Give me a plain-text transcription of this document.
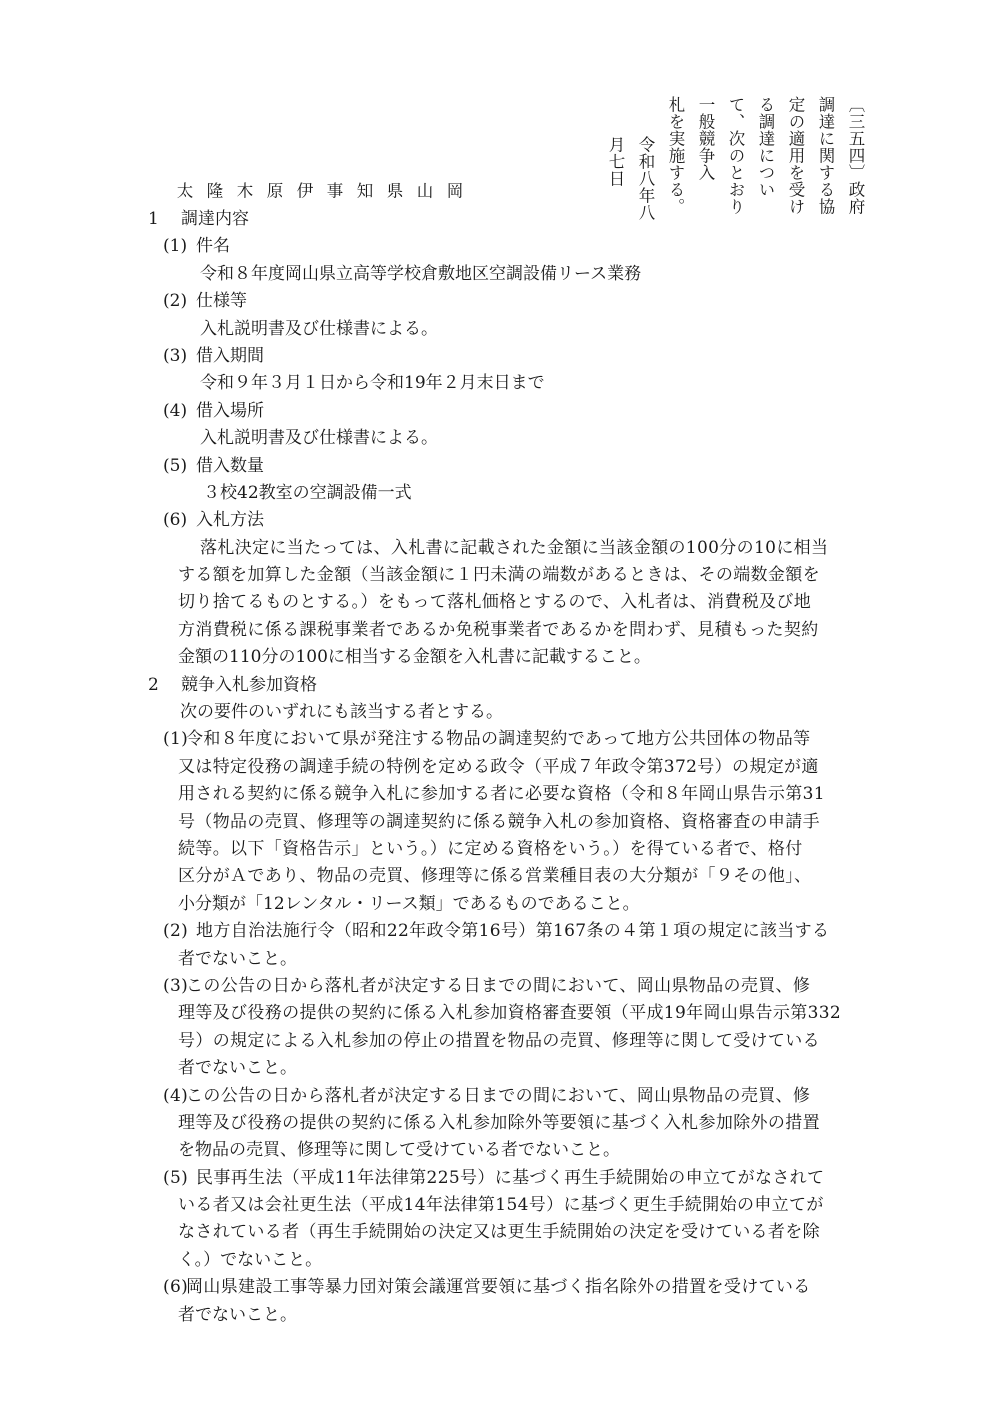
〔三五四〕政府調達に関する協定の適用を受ける調達について、次のとおり一般競争入
札を実施する。
令和八年八月七日
岡山県知事伊原木隆太
1 調達内容
(1) 件名
令和８年度岡山県立高等学校倉敷地区空調設備リース業務
(2) 仕様等
入札説明書及び仕様書による。
(3) 借入期間
令和９年３月１日から令和19年２月末日まで
(4) 借入場所
入札説明書及び仕様書による。
(5) 借入数量
３校42教室の空調設備一式
(6) 入札方法
落札決定に当たっては、入札書に記載された金額に当該金額の100分の10に相当
する額を加算した金額（当該金額に１円未満の端数があるときは、その端数金額を
切り捨てるものとする。）をもって落札価格とするので、入札者は、消費税及び地
方消費税に係る課税事業者であるか免税事業者であるかを問わず、見積もった契約
金額の110分の100に相当する金額を入札書に記載すること。
2 競争入札参加資格
次の要件のいずれにも該当する者とする。
(1)令和８年度において県が発注する物品の調達契約であって地方公共団体の物品等
又は特定役務の調達手続の特例を定める政令（平成７年政令第372号）の規定が適
用される契約に係る競争入札に参加する者に必要な資格（令和８年岡山県告示第31
号（物品の売買、修理等の調達契約に係る競争入札の参加資格、資格審査の申請手
続等。以下「資格告示」という。）に定める資格をいう。）を得ている者で、格付
区分がＡであり、物品の売買、修理等に係る営業種目表の大分類が「９その他」、
小分類が「12レンタル・リース類」であるものであること。
(2) 地方自治法施行令（昭和22年政令第16号）第167条の４第１項の規定に該当する
者でないこと。
(3)この公告の日から落札者が決定する日までの間において、岡山県物品の売買、修
理等及び役務の提供の契約に係る入札参加資格審査要領（平成19年岡山県告示第332
号）の規定による入札参加の停止の措置を物品の売買、修理等に関して受けている
者でないこと。
(4)この公告の日から落札者が決定する日までの間において、岡山県物品の売買、修
理等及び役務の提供の契約に係る入札参加除外等要領に基づく入札参加除外の措置
を物品の売買、修理等に関して受けている者でないこと。
(5) 民事再生法（平成11年法律第225号）に基づく再生手続開始の申立てがなされて
いる者又は会社更生法（平成14年法律第154号）に基づく更生手続開始の申立てが
なされている者（再生手続開始の決定又は更生手続開始の決定を受けている者を除
く。）でないこと。
(6)岡山県建設工事等暴力団対策会議運営要領に基づく指名除外の措置を受けている
者でないこと。
